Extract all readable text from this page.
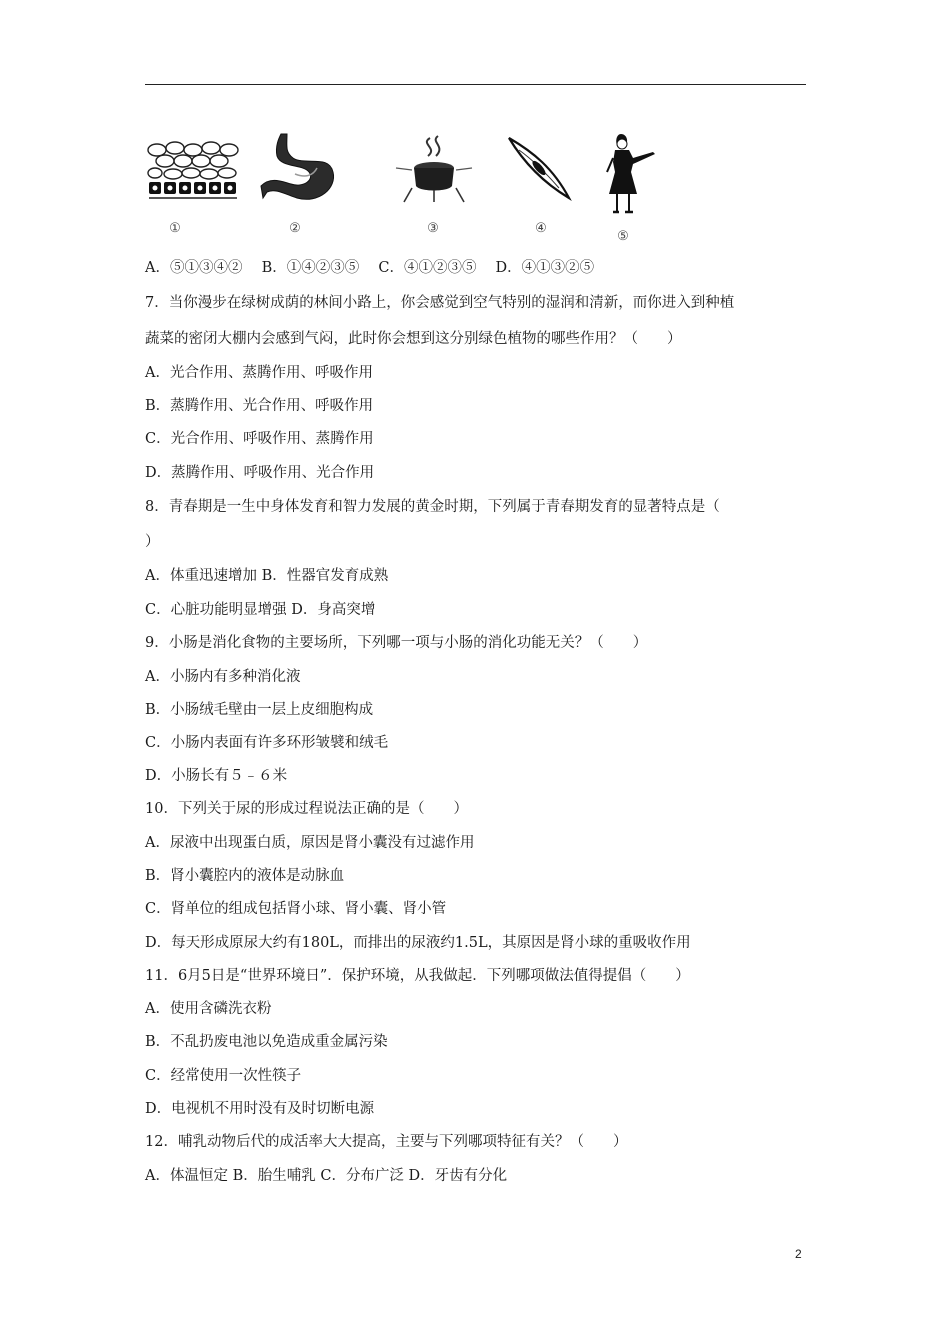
①	②	③	④
⑤
A．⑤①③④②　 B．①④②③⑤　 C．④①②③⑤　 D．④①③②⑤
7．当你漫步在绿树成荫的林间小路上，你会感觉到空气特别的湿润和清新，而你进入到种植
蔬菜的密闭大棚内会感到气闷，此时你会想到这分别绿色植物的哪些作用？（　　）
A．光合作用、蒸腾作用、呼吸作用
B．蒸腾作用、光合作用、呼吸作用
C．光合作用、呼吸作用、蒸腾作用
D．蒸腾作用、呼吸作用、光合作用
8．青春期是一生中身体发育和智力发展的黄金时期，下列属于青春期发育的显著特点是（
）
A．体重迅速增加 B．性器官发育成熟
C．心脏功能明显增强 D．身高突增
9．小肠是消化食物的主要场所，下列哪一项与小肠的消化功能无关？（　　）
A．小肠内有多种消化液
B．小肠绒毛壁由一层上皮细胞构成
C．小肠内表面有许多环形皱襞和绒毛
D．小肠长有５﹣６米
10．下列关于尿的形成过程说法正确的是（　　）
A．尿液中出现蛋白质，原因是肾小囊没有过滤作用
B．肾小囊腔内的液体是动脉血
C．肾单位的组成包括肾小球、肾小囊、肾小管
D．每天形成原尿大约有180L，而排出的尿液约1.5L，其原因是肾小球的重吸收作用
11．6月5日是“世界环境日”．保护环境，从我做起．下列哪项做法值得提倡（　　）
A．使用含磷洗衣粉
B．不乱扔废电池以免造成重金属污染
C．经常使用一次性筷子
D．电视机不用时没有及时切断电源
12．哺乳动物后代的成活率大大提高，主要与下列哪项特征有关？（　　）
A．体温恒定 B．胎生哺乳 C．分布广泛 D．牙齿有分化
2
